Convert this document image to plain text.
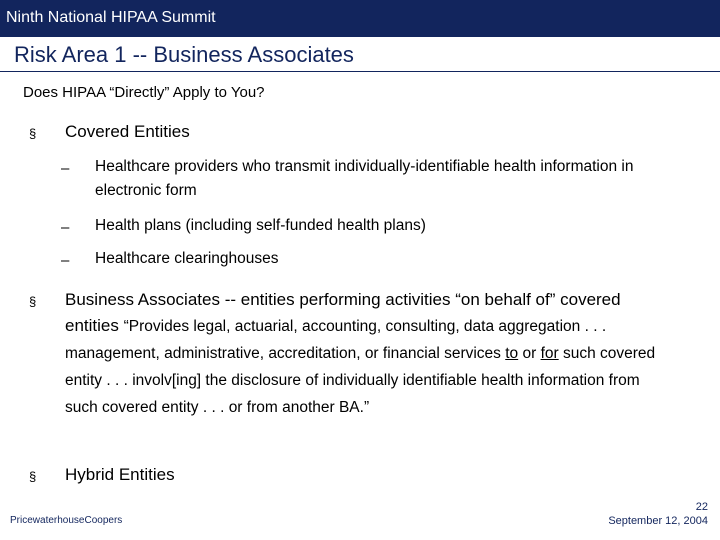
Ninth National HIPAA Summit
Risk Area 1 -- Business Associates
Does HIPAA “Directly” Apply to You?
§ Covered Entities
– Healthcare providers who transmit individually-identifiable health information in electronic form
– Health plans (including self-funded health plans)
– Healthcare clearinghouses
§ Business Associates -- entities performing activities “on behalf of” covered entities “Provides legal, actuarial, accounting, consulting, data aggregation . . . management, administrative, accreditation, or financial services to or for such covered entity . . . involv[ing] the disclosure of individually identifiable health information from such covered entity . . . or from another BA.”
§ Hybrid Entities
PricewaterhouseCoopers
22
September 12, 2004
